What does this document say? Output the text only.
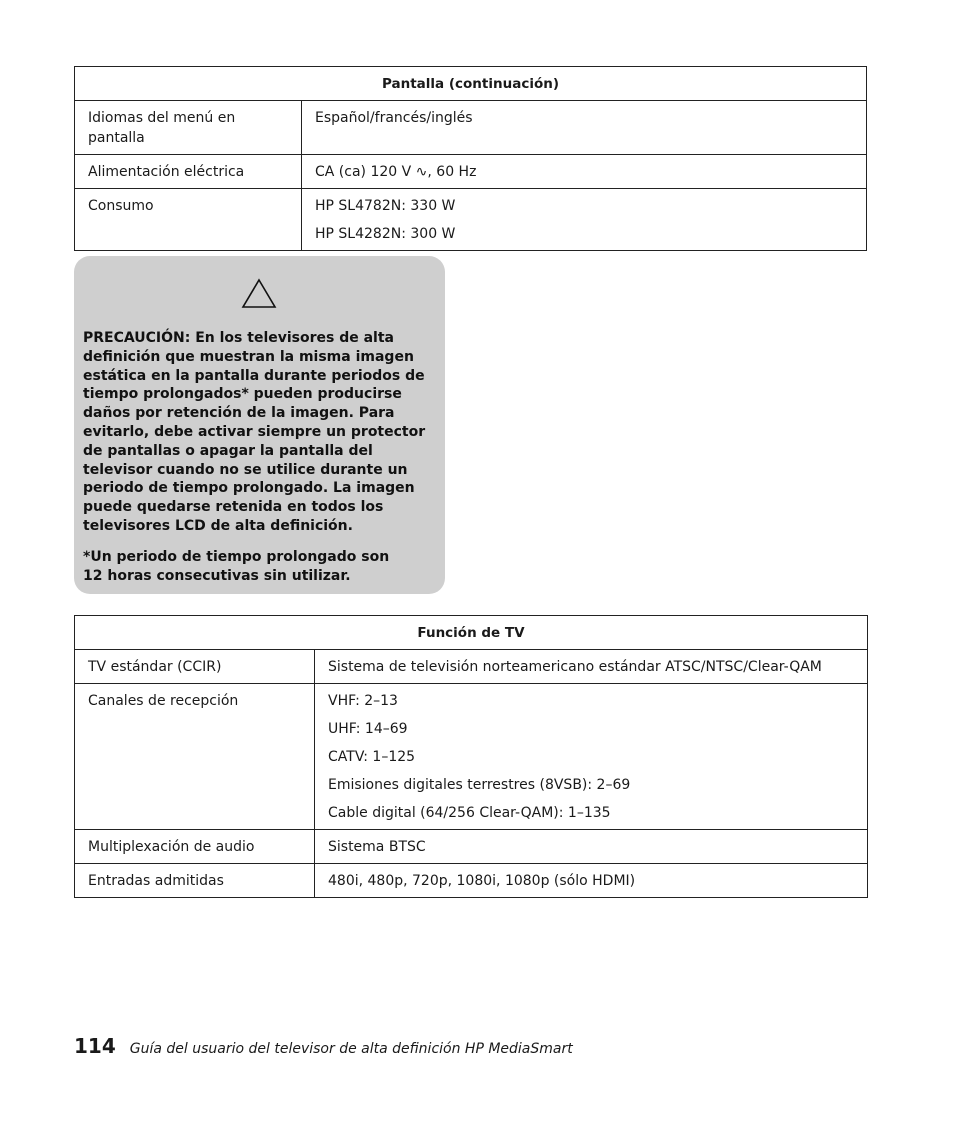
Pantalla (continuación)	
Idiomas del menú en pantalla	Español/francés/inglés

Alimentación eléctrica	CA (ca) 120 V ∿, 60 Hz

Consumo	HP SL4782N: 330 W
HP SL4282N: 300 W

PRECAUCIÓN: En los televisores de alta definición que muestran la misma imagen estática en la pantalla durante periodos de tiempo prolongados* pueden producirse daños por retención de la imagen. Para evitarlo, debe activar siempre un protector de pantallas o apagar la pantalla del televisor cuando no se utilice durante un periodo de tiempo prolongado. La imagen puede quedarse retenida en todos los televisores LCD de alta definición.

*Un periodo de tiempo prolongado son 12 horas consecutivas sin utilizar.

Función de TV	
TV estándar (CCIR)	Sistema de televisión norteamericano estándar ATSC/NTSC/Clear-QAM

Canales de recepción	VHF: 2–13
UHF: 14–69
CATV: 1–125
Emisiones digitales terrestres (8VSB): 2–69
Cable digital (64/256 Clear-QAM): 1–135

Multiplexación de audio	Sistema BTSC

Entradas admitidas	480i, 480p, 720p, 1080i, 1080p (sólo HDMI)
114 Guía del usuario del televisor de alta definición HP MediaSmart
